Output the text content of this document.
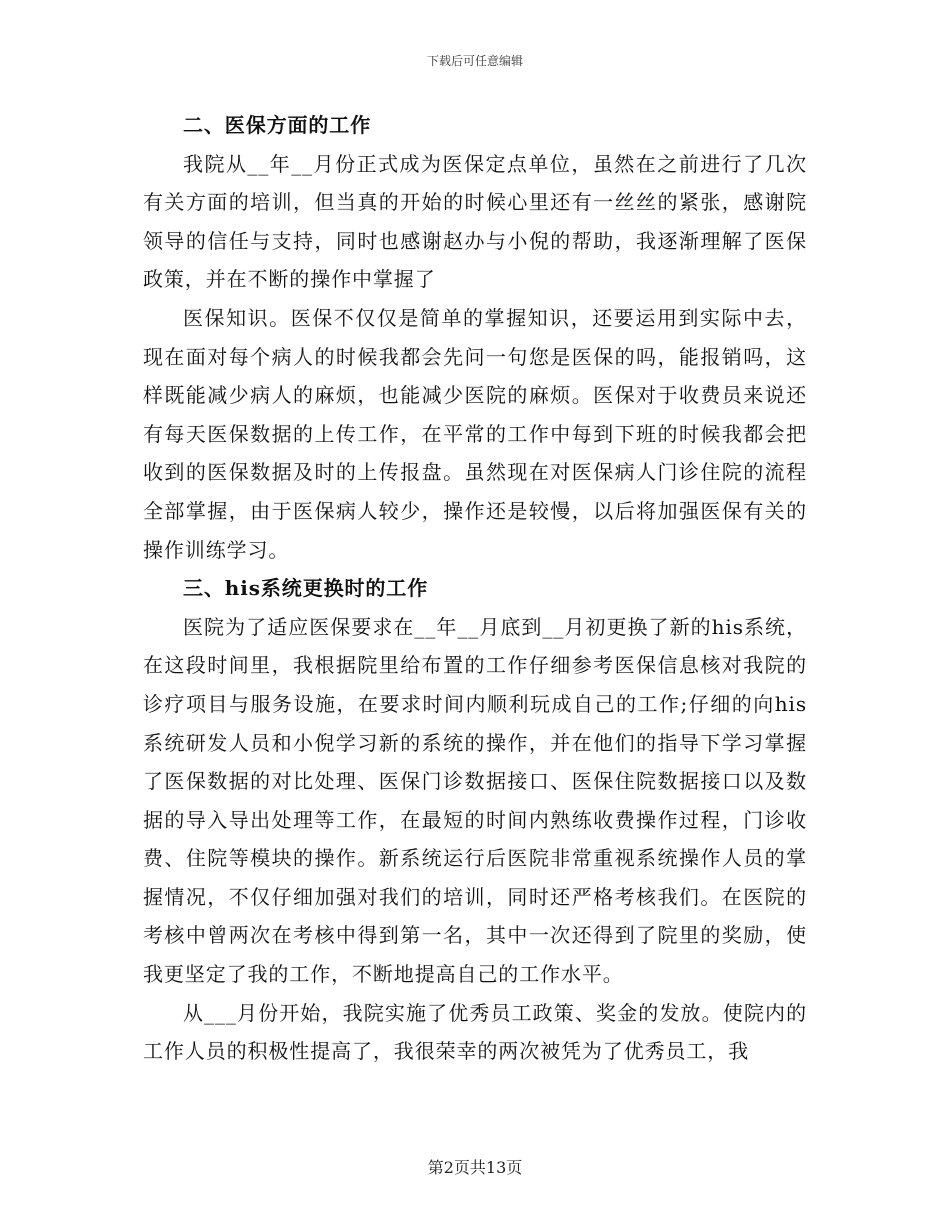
下载后可任意编辑

二、医保方面的工作

我院从__年__月份正式成为医保定点单位，虽然在之前进行了几次有关方面的培训，但当真的开始的时候心里还有一丝丝的紧张，感谢院领导的信任与支持，同时也感谢赵办与小倪的帮助，我逐渐理解了医保政策，并在不断的操作中掌握了

医保知识。医保不仅仅是简单的掌握知识，还要运用到实际中去，现在面对每个病人的时候我都会先问一句您是医保的吗，能报销吗，这样既能减少病人的麻烦，也能减少医院的麻烦。医保对于收费员来说还有每天医保数据的上传工作，在平常的工作中每到下班的时候我都会把收到的医保数据及时的上传报盘。虽然现在对医保病人门诊住院的流程全部掌握，由于医保病人较少，操作还是较慢，以后将加强医保有关的操作训练学习。

三、his系统更换时的工作

医院为了适应医保要求在__年__月底到__月初更换了新的his系统，在这段时间里，我根据院里给布置的工作仔细参考医保信息核对我院的诊疗项目与服务设施，在要求时间内顺利玩成自己的工作;仔细的向his系统研发人员和小倪学习新的系统的操作，并在他们的指导下学习掌握了医保数据的对比处理、医保门诊数据接口、医保住院数据接口以及数据的导入导出处理等工作，在最短的时间内熟练收费操作过程，门诊收费、住院等模块的操作。新系统运行后医院非常重视系统操作人员的掌握情况，不仅仔细加强对我们的培训，同时还严格考核我们。在医院的考核中曾两次在考核中得到第一名，其中一次还得到了院里的奖励，使我更坚定了我的工作，不断地提高自己的工作水平。

从___月份开始，我院实施了优秀员工政策、奖金的发放。使院内的工作人员的积极性提高了，我很荣幸的两次被凭为了优秀员工，我

第2页共13页
